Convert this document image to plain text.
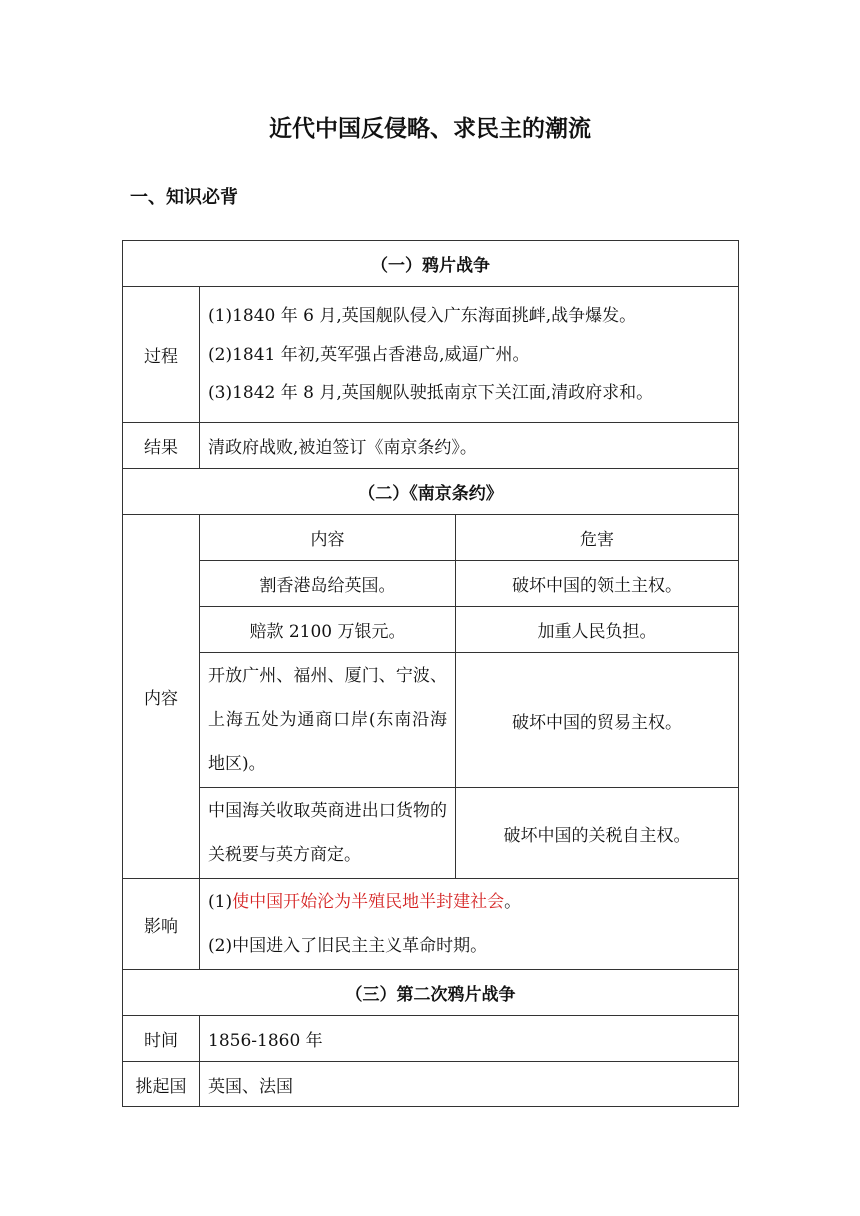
近代中国反侵略、求民主的潮流
一、知识必背
（一）鸦片战争		
过程	(1)1840 年 6 月,英国舰队侵入广东海面挑衅,战争爆发。
(2)1841 年初,英军强占香港岛,威逼广州。
(3)1842 年 8 月,英国舰队驶抵南京下关江面,清政府求和。	

结果	清政府战败,被迫签订《南京条约》。	
（二）《南京条约》		
内容	内容	危害
	割香港岛给英国。	破坏中国的领土主权。
	赔款 2100 万银元。	加重人民负担。
	开放广州、福州、厦门、宁波、上海五处为通商口岸(东南沿海地区)。	破坏中国的贸易主权。
	中国海关收取英商进出口货物的关税要与英方商定。	破坏中国的关税自主权。
影响	(1)使中国开始沦为半殖民地半封建社会。
(2)中国进入了旧民主主义革命时期。	

（三）第二次鸦片战争		
时间	1856-1860 年	
挑起国	英国、法国	
